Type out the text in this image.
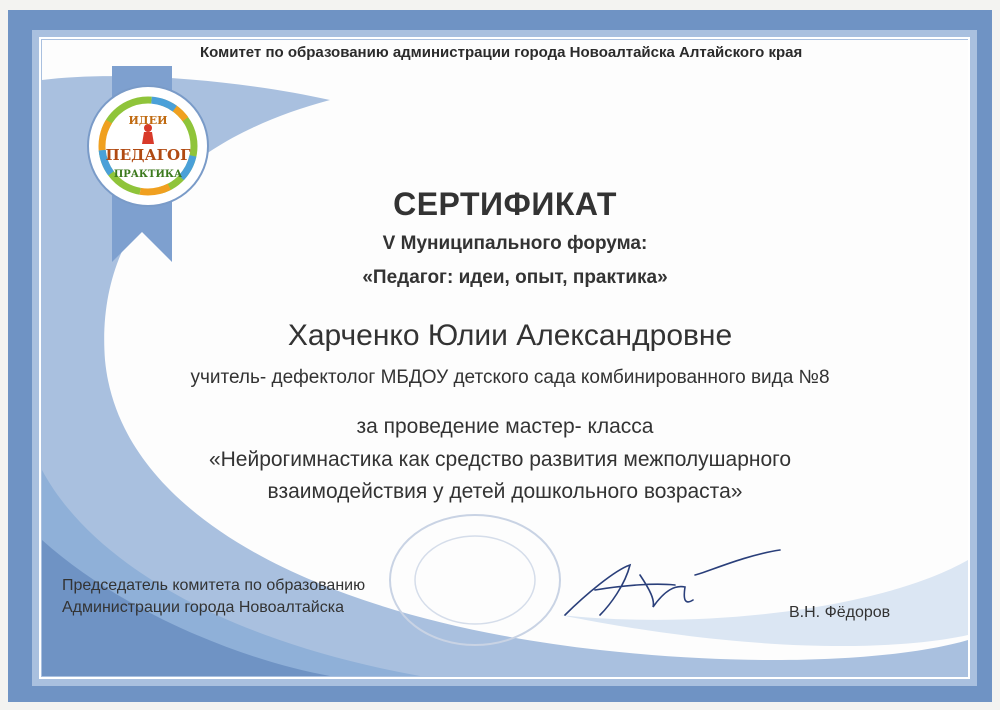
Комитет по образованию администрации города Новоалтайска Алтайского края
ИДЕИ
ПЕДАГОГ
ПРАКТИКА
СЕРТИФИКАТ
V Муниципального форума:
«Педагог: идеи, опыт, практика»
Харченко Юлии Александровне
учитель- дефектолог МБДОУ детского сада комбинированного вида №8
за проведение мастер- класса
«Нейрогимнастика как средство развития межполушарного
взаимодействия у детей дошкольного возраста»
Председатель комитета по образованию
Администрации города Новоалтайска	В.Н. Фёдоров
